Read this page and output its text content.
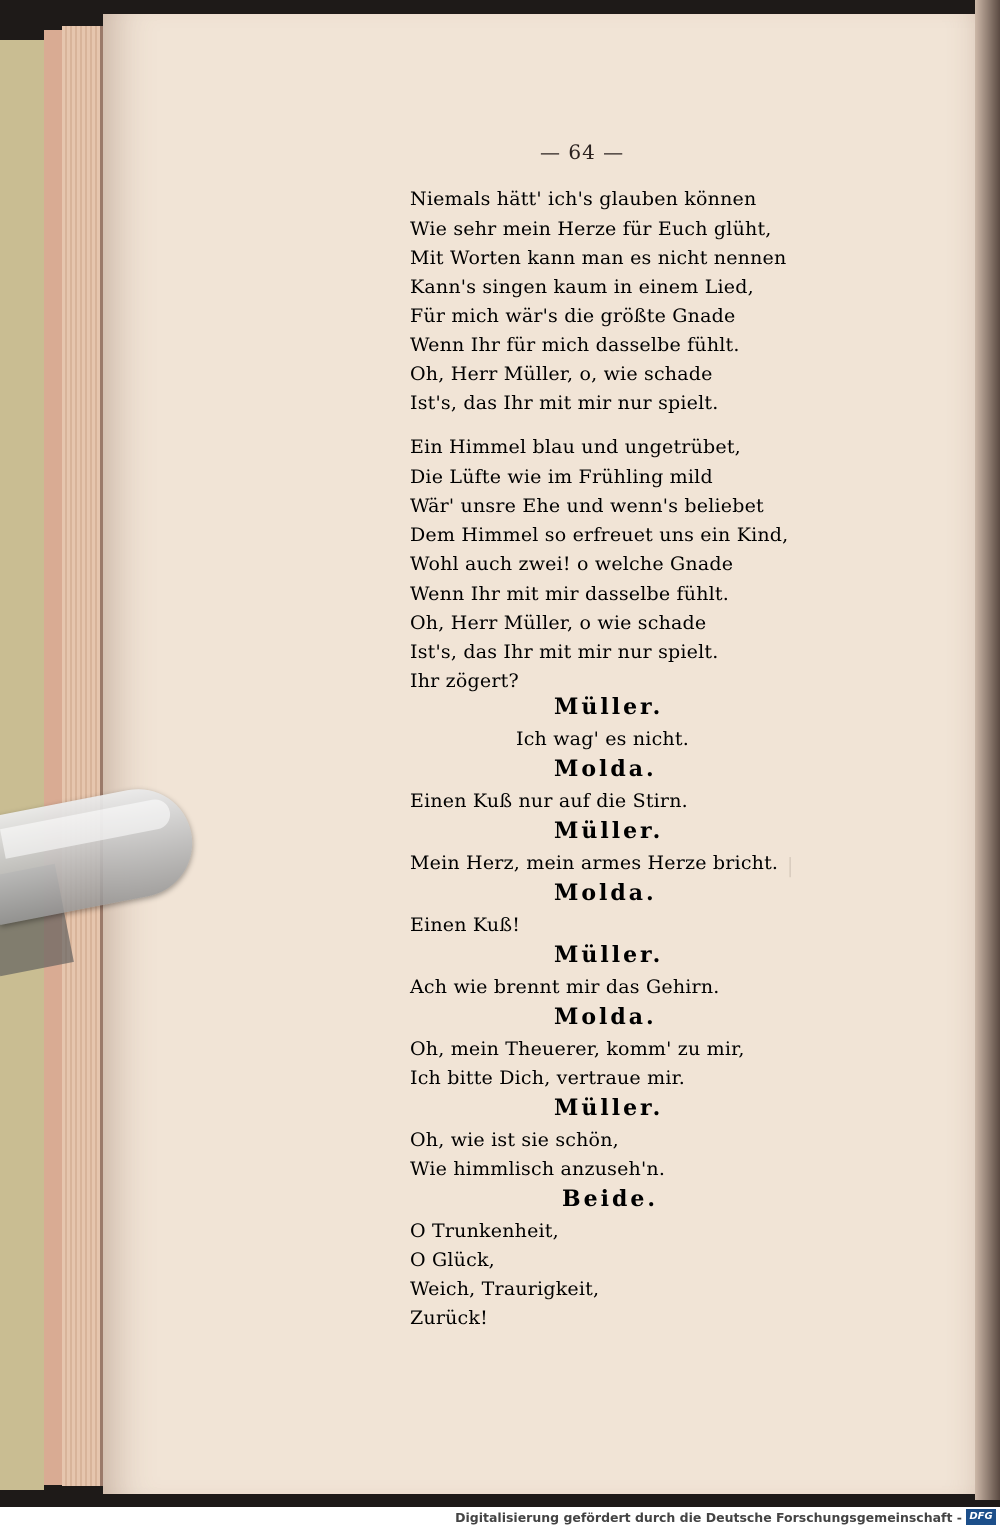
│
— 64 —
Niemals hätt' ich's glauben können
Wie sehr mein Herze für Euch glüht,
Mit Worten kann man es nicht nennen
Kann's singen kaum in einem Lied,
Für mich wär's die größte Gnade
Wenn Ihr für mich dasselbe fühlt.
Oh, Herr Müller, o, wie schade
Ist's, das Ihr mit mir nur spielt.
Ein Himmel blau und ungetrübet,
Die Lüfte wie im Frühling mild
Wär' unsre Ehe und wenn's beliebet
Dem Himmel so erfreuet uns ein Kind,
Wohl auch zwei! o welche Gnade
Wenn Ihr mit mir dasselbe fühlt.
Oh, Herr Müller, o wie schade
Ist's, das Ihr mit mir nur spielt.
Ihr zögert?
Müller.
Ich wag' es nicht.
Molda.
Einen Kuß nur auf die Stirn.
Müller.
Mein Herz, mein armes Herze bricht.
Molda.
Einen Kuß!
Müller.
Ach wie brennt mir das Gehirn.
Molda.
Oh, mein Theuerer, komm' zu mir,
Ich bitte Dich, vertraue mir.
Müller.
Oh, wie ist sie schön,
Wie himmlisch anzuseh'n.
Beide.
O Trunkenheit,
O Glück,
Weich, Traurigkeit,
Zurück!
Digitalisierung gefördert durch die Deutsche Forschungsgemeinschaft - DFG
